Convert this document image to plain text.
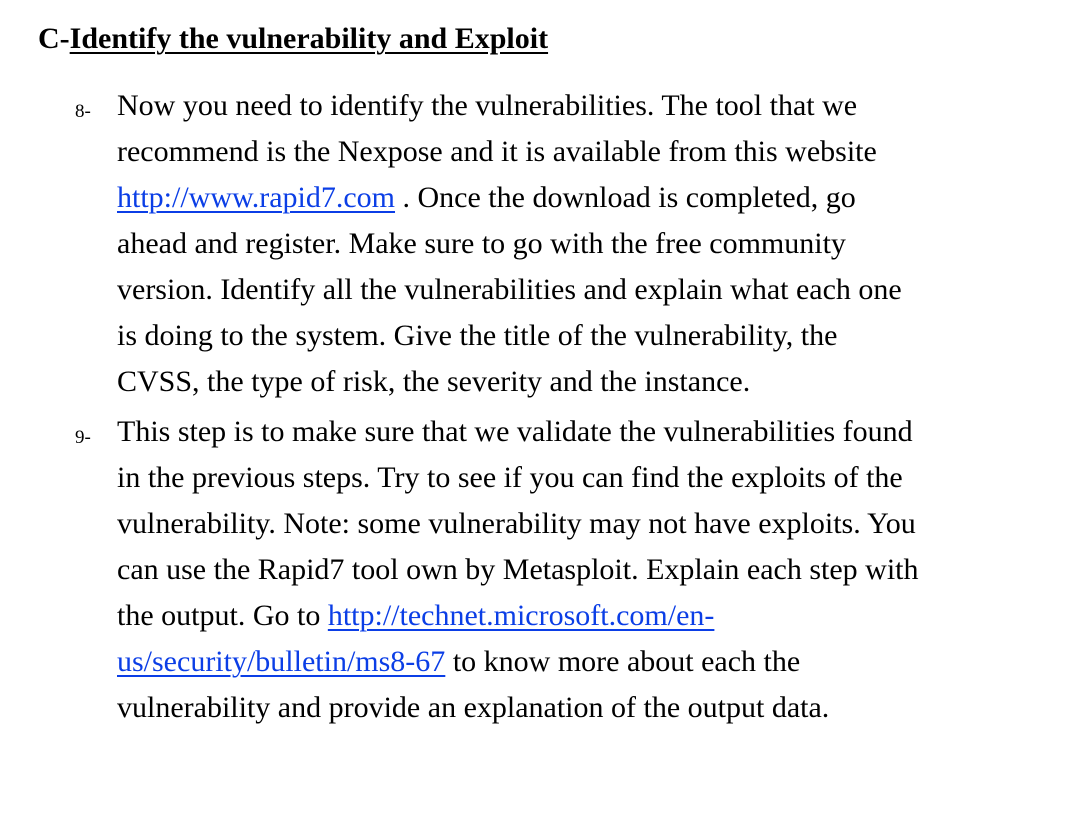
C-Identify the vulnerability and Exploit
8- Now you need to identify the vulnerabilities. The tool that we
recommend is the Nexpose and it is available from this website
http://www.rapid7.com . Once the download is completed, go
ahead and register. Make sure to go with the free community
version. Identify all the vulnerabilities and explain what each one
is doing to the system. Give the title of the vulnerability, the
CVSS, the type of risk, the severity and the instance.
9- This step is to make sure that we validate the vulnerabilities found
in the previous steps. Try to see if you can find the exploits of the
vulnerability. Note: some vulnerability may not have exploits. You
can use the Rapid7 tool own by Metasploit. Explain each step with
the output. Go to http://technet.microsoft.com/en-
us/security/bulletin/ms8-67 to know more about each the
vulnerability and provide an explanation of the output data.
